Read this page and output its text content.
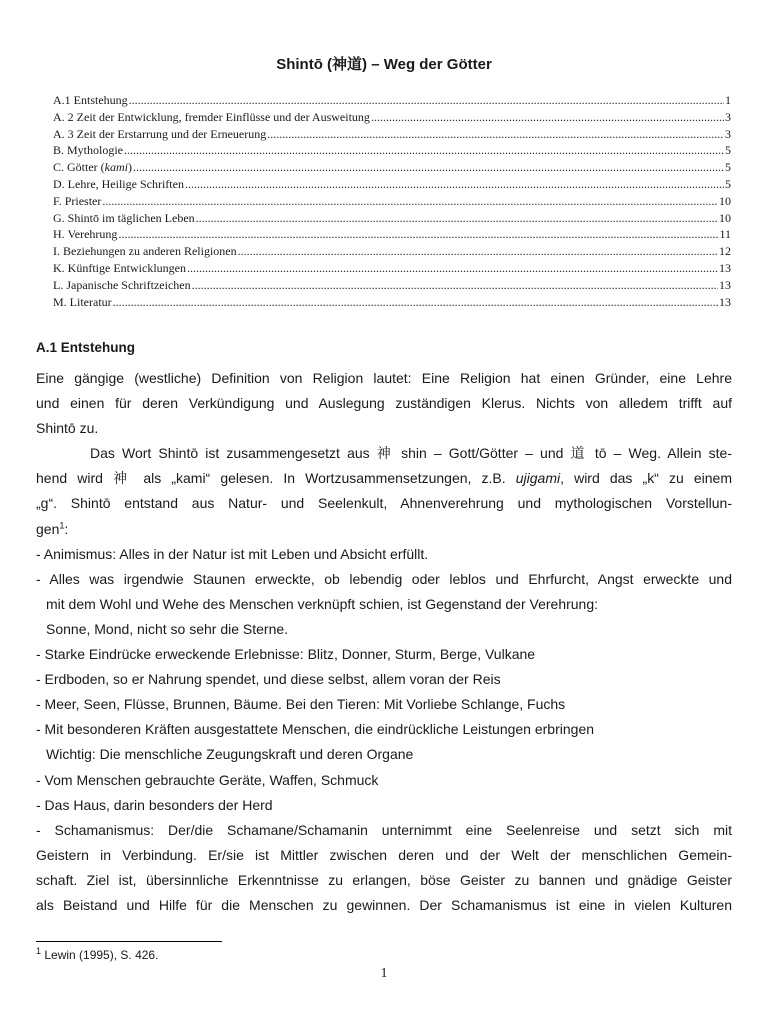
Shintō (神道) – Weg der Götter
A.1 Entstehung .....	1
A. 2 Zeit der Entwicklung, fremder Einflüsse und der Ausweitung .....	3
A. 3 Zeit der Erstarrung und der Erneuerung .....	3
B. Mythologie .....	5
C. Götter (kami) .....	5
D. Lehre, Heilige Schriften .....	5
F. Priester .....	10
G. Shintō im täglichen Leben .....	10
H. Verehrung .....	11
I. Beziehungen zu anderen Religionen .....	12
K. Künftige Entwicklungen .....	13
L. Japanische Schriftzeichen .....	13
M. Literatur .....	13
A.1 Entstehung
Eine gängige (westliche) Definition von Religion lautet: Eine Religion hat einen Gründer, eine Lehre
und einen für deren Verkündigung und Auslegung zuständigen Klerus. Nichts von alledem trifft auf
Shintō zu.
Das Wort Shintō ist zusammengesetzt aus 神 shin – Gott/Götter – und 道 tō – Weg. Allein ste-
hend wird 神 als „kami“ gelesen. In Wortzusammensetzungen, z.B. ujigami, wird das „k“ zu einem
„g“. Shintō entstand aus Natur- und Seelenkult, Ahnenverehrung und mythologischen Vorstellun-
gen$^1$:
- Animismus: Alles in der Natur ist mit Leben und Absicht erfüllt.
- Alles was irgendwie Staunen erweckte, ob lebendig oder leblos und Ehrfurcht, Angst erweckte und
mit dem Wohl und Wehe des Menschen verknüpft schien, ist Gegenstand der Verehrung:
Sonne, Mond, nicht so sehr die Sterne.
- Starke Eindrücke erweckende Erlebnisse: Blitz, Donner, Sturm, Berge, Vulkane
- Erdboden, so er Nahrung spendet, und diese selbst, allem voran der Reis
- Meer, Seen, Flüsse, Brunnen, Bäume. Bei den Tieren: Mit Vorliebe Schlange, Fuchs
- Mit besonderen Kräften ausgestattete Menschen, die eindrückliche Leistungen erbringen
Wichtig: Die menschliche Zeugungskraft und deren Organe
- Vom Menschen gebrauchte Geräte, Waffen, Schmuck
- Das Haus, darin besonders der Herd
- Schamanismus: Der/die Schamane/Schamanin unternimmt eine Seelenreise und setzt sich mit
Geistern in Verbindung. Er/sie ist Mittler zwischen deren und der Welt der menschlichen Gemein-
schaft. Ziel ist, übersinnliche Erkenntnisse zu erlangen, böse Geister zu bannen und gnädige Geister
als Beistand und Hilfe für die Menschen zu gewinnen. Der Schamanismus ist eine in vielen Kulturen
$^1$ Lewin (1995), S. 426.
1
